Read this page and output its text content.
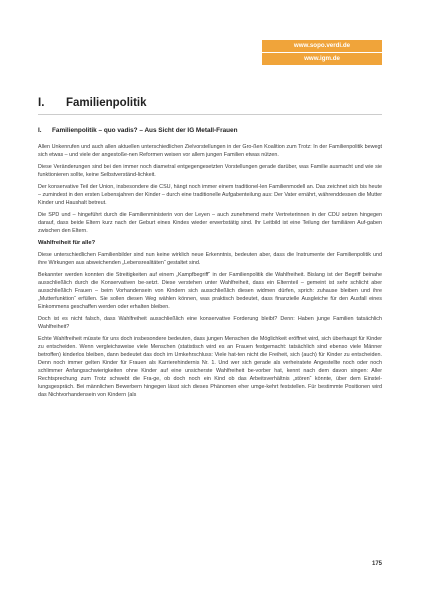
www.sopo.verdi.de
www.igm.de
I. Familienpolitik
I. Familienpolitik – quo vadis? – Aus Sicht der IG Metall-Frauen

Allen Unkenrufen und auch allen aktuellen unterschiedlichen Zielvorstellungen in der Gro-ßen Koalition zum Trotz: In der Familienpolitik bewegt sich etwas – und viele der angestoße-nen Reformen weisen vor allem jungen Familien etwas nützen.

Diese Veränderungen sind bei den immer noch diametral entgegengesetzten Vorstellungen gerade darüber, was Familie ausmacht und wie sie funktionieren sollte, keine Selbstverständ-lichkeit.

Der konservative Teil der Union, insbesondere die CSU, hängt noch immer einem traditionel-len Familienmodell an. Das zeichnet sich bis heute – zumindest in den ersten Lebensjahren der Kinder – durch eine traditionelle Aufgabenteilung aus: Der Vater ernährt, währenddessen die Mutter Kinder und Haushalt betreut.

Die SPD und – hingeführt durch die Familienministerin von der Leyen – auch zunehmend mehr Vertreterinnen in der CDU setzen hingegen darauf, dass beide Eltern kurz nach der Geburt eines Kindes wieder erwerbstätig sind. Ihr Leitbild ist eine Teilung der familiären Auf-gaben zwischen den Eltern.

Wahlfreiheit für alle?

Diese unterschiedlichen Familienbilder sind nun keine wirklich neue Erkenntnis, bedeuten aber, dass die Instrumente der Familienpolitik und ihre Wirkungen aus abweichenden „Lebensrealitäten“ gestaltet sind.

Bekannter werden konnten die Streitigkeiten auf einem „Kampfbegriff“ in der Familienpolitik die Wahlfreiheit. Bislang ist der Begriff beinahe ausschließlich durch die Konservativen be-setzt. Diese verstehen unter Wahlfreiheit, dass ein Elternteil – gemeint ist sehr schlicht aber ausschließlich Frauen – beim Vorhandensein von Kindern sich ausschließlich diesen widmen dürfen, sprich: zuhause bleiben und ihre „Mutterfunktion“ erfüllen. Sie sollen diesen Weg wählen können, was praktisch bedeutet, dass finanzielle Ausgleiche für den Ausfall eines Einkommens geschaffen werden oder erhalten bleiben.

Doch ist es nicht falsch, dass Wahlfreiheit ausschließlich eine konservative Forderung bleibt? Denn: Haben junge Familien tatsächlich Wahlfreiheit?

Echte Wahlfreiheit müsste für uns doch insbesondere bedeuten, dass jungen Menschen die Möglichkeit eröffnet wird, sich überhaupt für Kinder zu entscheiden. Wenn vergleichsweise viele Menschen (statistisch wird es an Frauen festgemacht: tatsächlich sind ebenso viele Männer betroffen) kinderlos bleiben, dann bedeutet das doch im Umkehrschluss: Viele hat-ten nicht die Freiheit, sich (auch) für Kinder zu entscheiden. Denn noch immer gelten Kinder für Frauen als Karrierehindernis Nr. 1. Und wer sich gerade als verheiratete Angestellte noch oder noch schlimmer Anfangsschwierigkeiten ohne Kinder auf eine unsicherste Wahlfreiheit be-vorber hat, kennt nach dem davon singen: Aller Rechtsprechung zum Trotz schwebt die Fra-ge, ob doch noch ein Kind ob das Arbeitsverhältnis „stören“ könnte, über dem Einstel-lungsgespräch. Bei männlichen Bewerbern hingegen lässt sich dieses Phänomen eher umge-kehrt feststellen. Für bestimmte Positionen wird das Nichtvorhandensein von Kindern (als

175
